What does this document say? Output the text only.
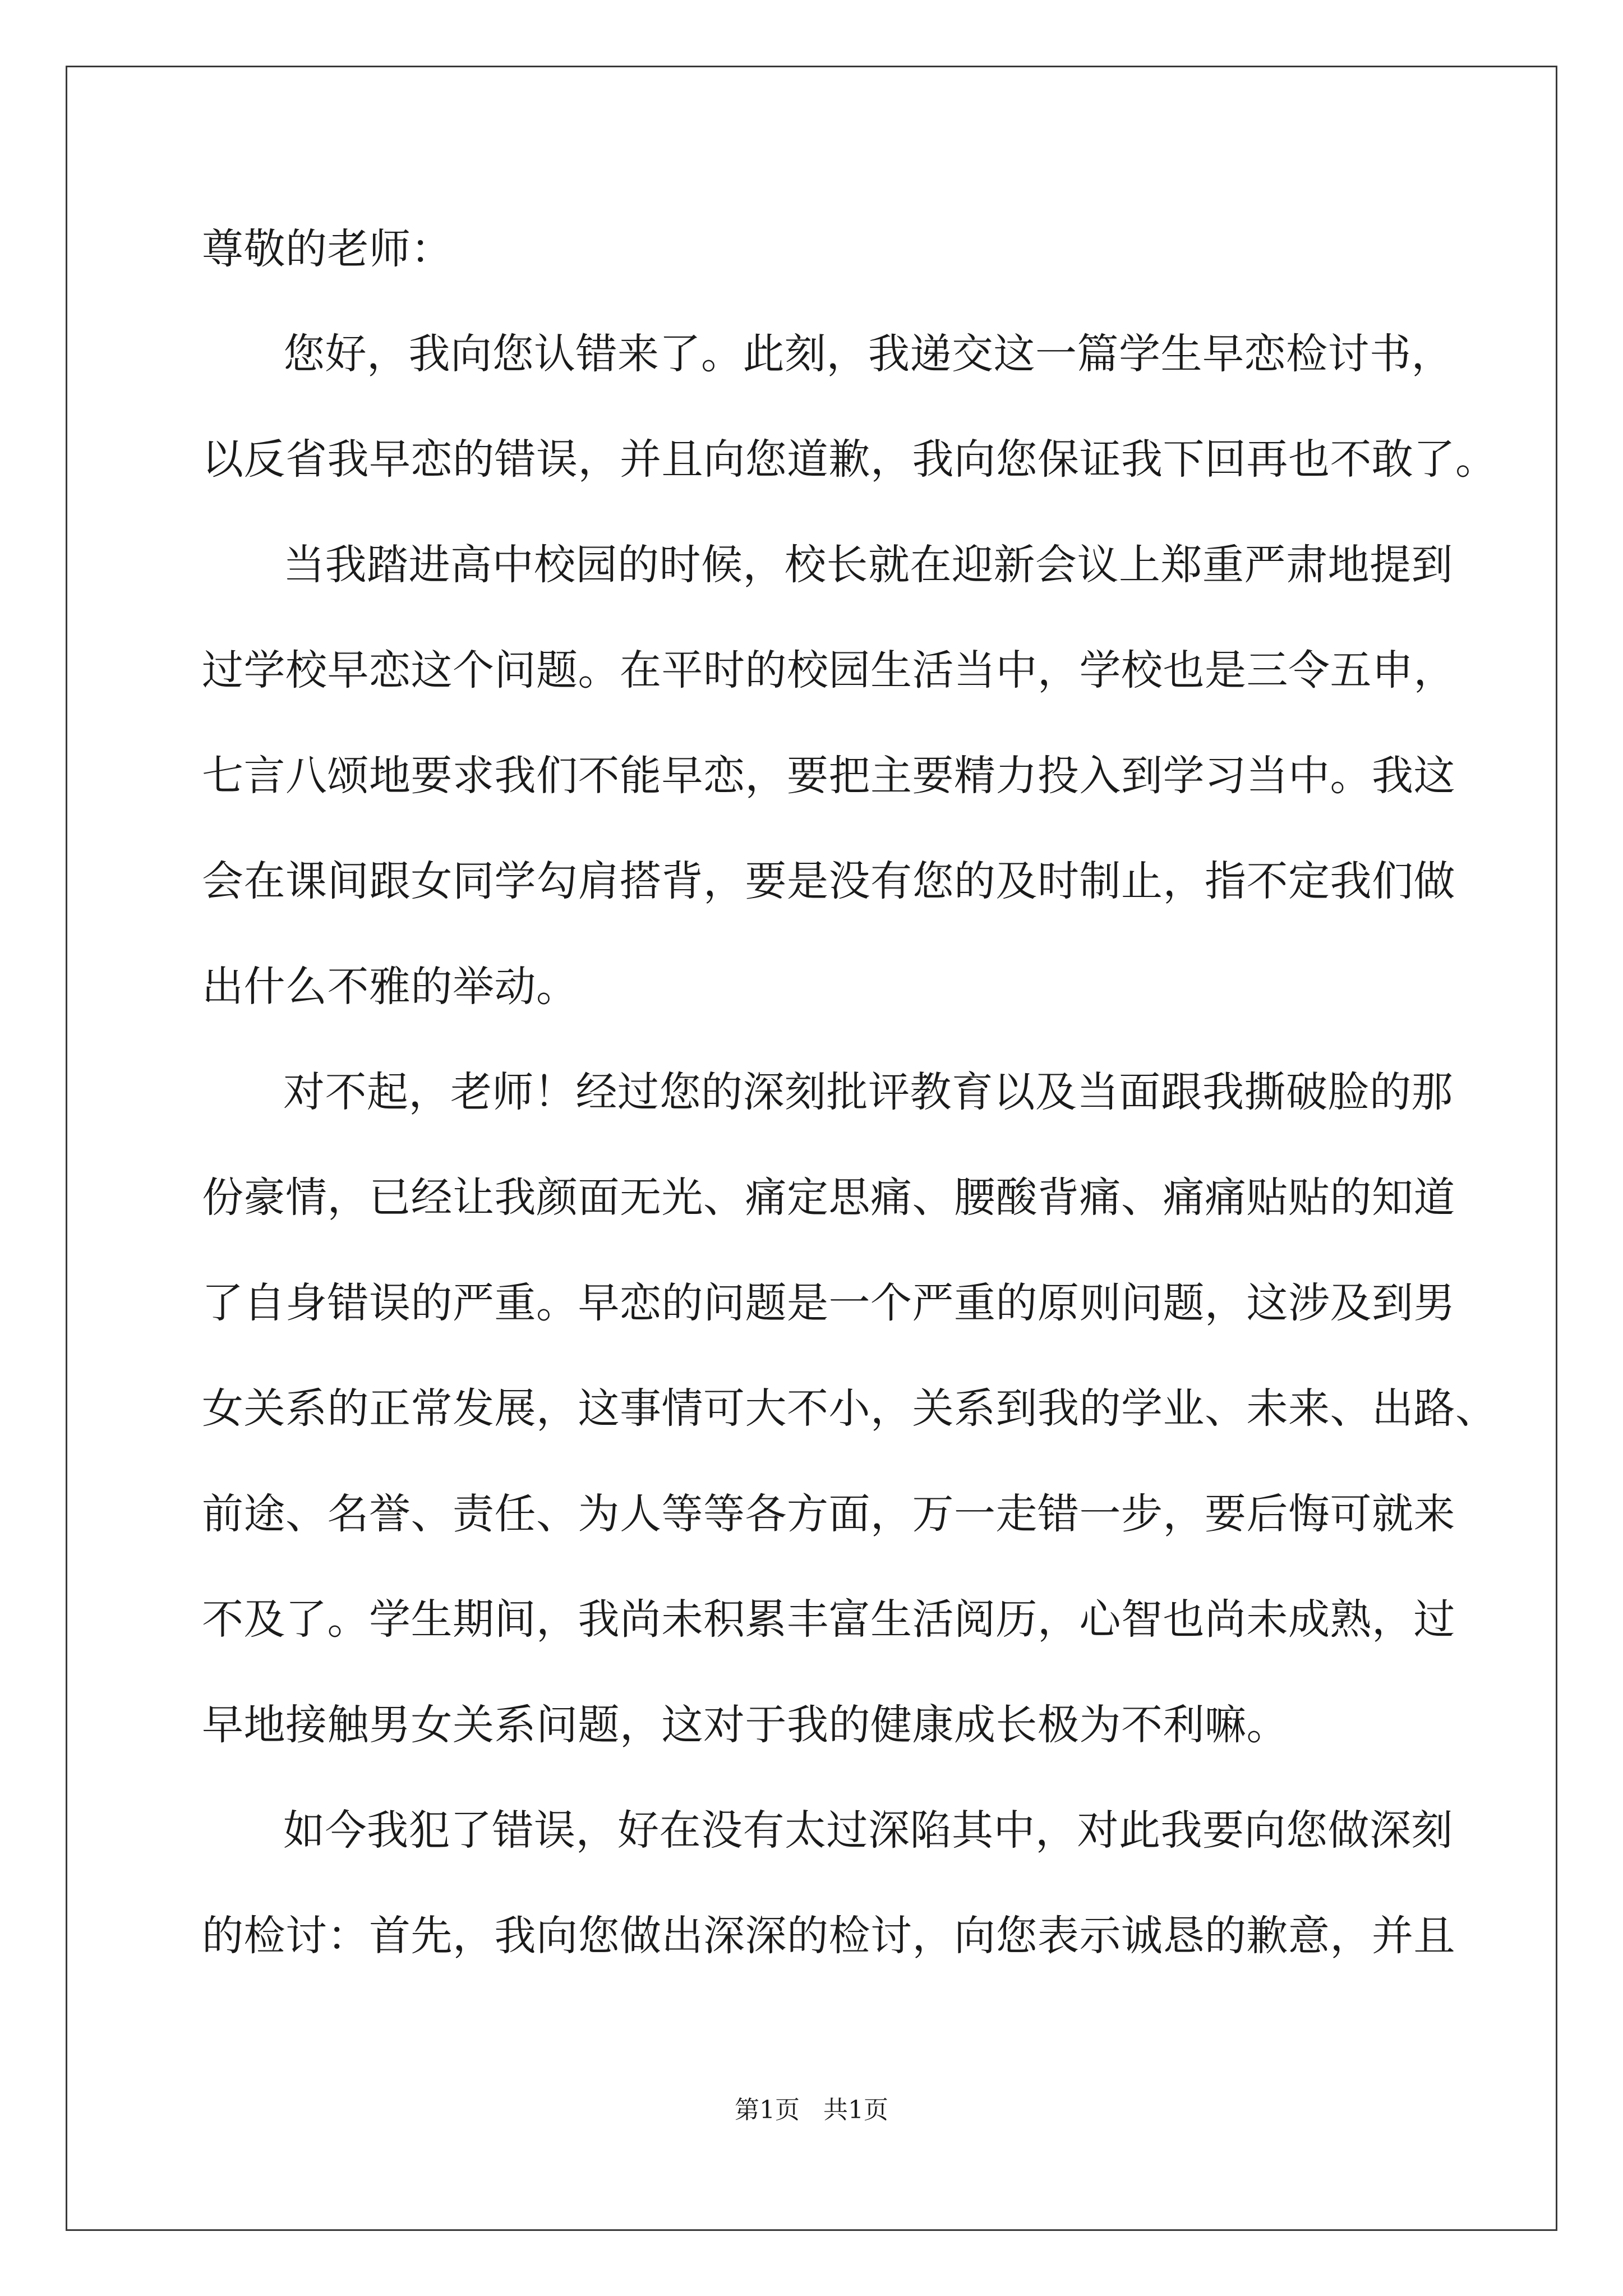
尊敬的老师：
您好，我向您认错来了。此刻，我递交这一篇学生早恋检讨书，
以反省我早恋的错误，并且向您道歉，我向您保证我下回再也不敢了。
当我踏进高中校园的时候，校长就在迎新会议上郑重严肃地提到
过学校早恋这个问题。在平时的校园生活当中，学校也是三令五申，
七言八颂地要求我们不能早恋，要把主要精力投入到学习当中。我这
会在课间跟女同学勾肩搭背，要是没有您的及时制止，指不定我们做
出什么不雅的举动。
对不起，老师！经过您的深刻批评教育以及当面跟我撕破脸的那
份豪情，已经让我颜面无光、痛定思痛、腰酸背痛、痛痛贴贴的知道
了自身错误的严重。早恋的问题是一个严重的原则问题，这涉及到男
女关系的正常发展，这事情可大不小，关系到我的学业、未来、出路、
前途、名誉、责任、为人等等各方面，万一走错一步，要后悔可就来
不及了。学生期间，我尚未积累丰富生活阅历，心智也尚未成熟，过
早地接触男女关系问题，这对于我的健康成长极为不利嘛。
如今我犯了错误，好在没有太过深陷其中，对此我要向您做深刻
的检讨：首先，我向您做出深深的检讨，向您表示诚恳的歉意，并且
第1页   共1页
